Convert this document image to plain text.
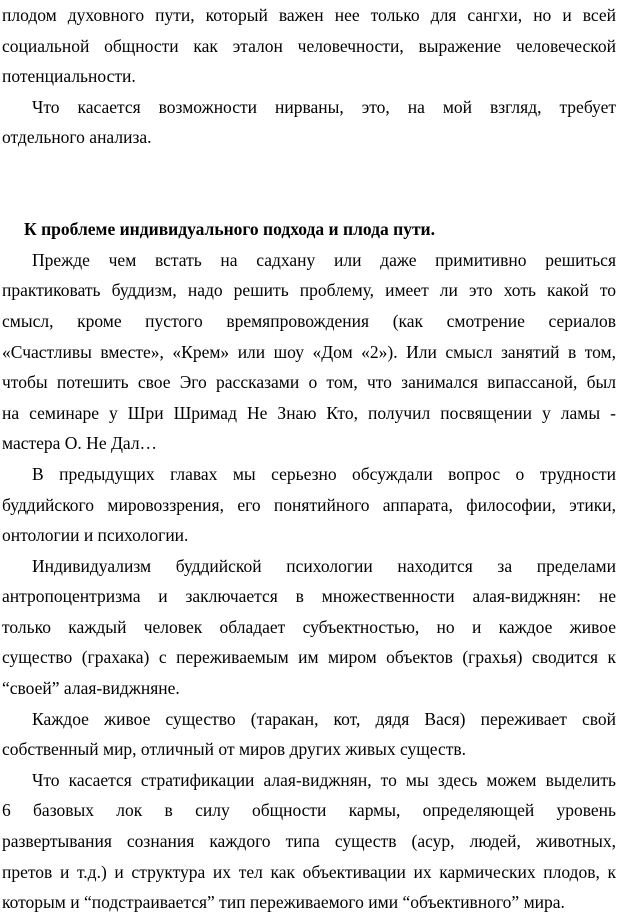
плодом духовного пути, который важен нее только для сангхи, но и всей
социальной общности как эталон человечности, выражение человеческой
потенциальности.
Что касается возможности нирваны, это, на мой взгляд, требует
отдельного анализа.
К проблеме индивидуального подхода и плода пути.
Прежде чем встать на садхану или даже примитивно решиться
практиковать буддизм, надо решить проблему, имеет ли это хоть какой то
смысл, кроме пустого времяпровождения (как смотрение сериалов
«Счастливы вместе», «Крем» или шоу «Дом «2»). Или смысл занятий в том,
чтобы потешить свое Эго рассказами о том, что занимался випассаной, был
на семинаре у Шри Шримад Не Знаю Кто, получил посвящении у ламы -
мастера О. Не Дал…
В предыдущих главах мы серьезно обсуждали вопрос о трудности
буддийского мировоззрения, его понятийного аппарата, философии, этики,
онтологии и психологии.
Индивидуализм буддийской психологии находится за пределами
антропоцентризма и заключается в множественности алая-виджнян: не
только каждый человек обладает субъектностью, но и каждое живое
существо (грахака) с переживаемым им миром объектов (грахья) сводится к
“своей” алая-виджняне.
Каждое живое существо (таракан, кот, дядя Вася) переживает свой
собственный мир, отличный от миров других живых существ.
Что касается стратификации алая-виджнян, то мы здесь можем выделить
6 базовых лок в силу общности кармы, определяющей уровень
развертывания сознания каждого типа существ (асур, людей, животных,
претов и т.д.) и структура их тел как объективации их кармических плодов, к
которым и “подстраивается” тип переживаемого ими “объективного” мира.
